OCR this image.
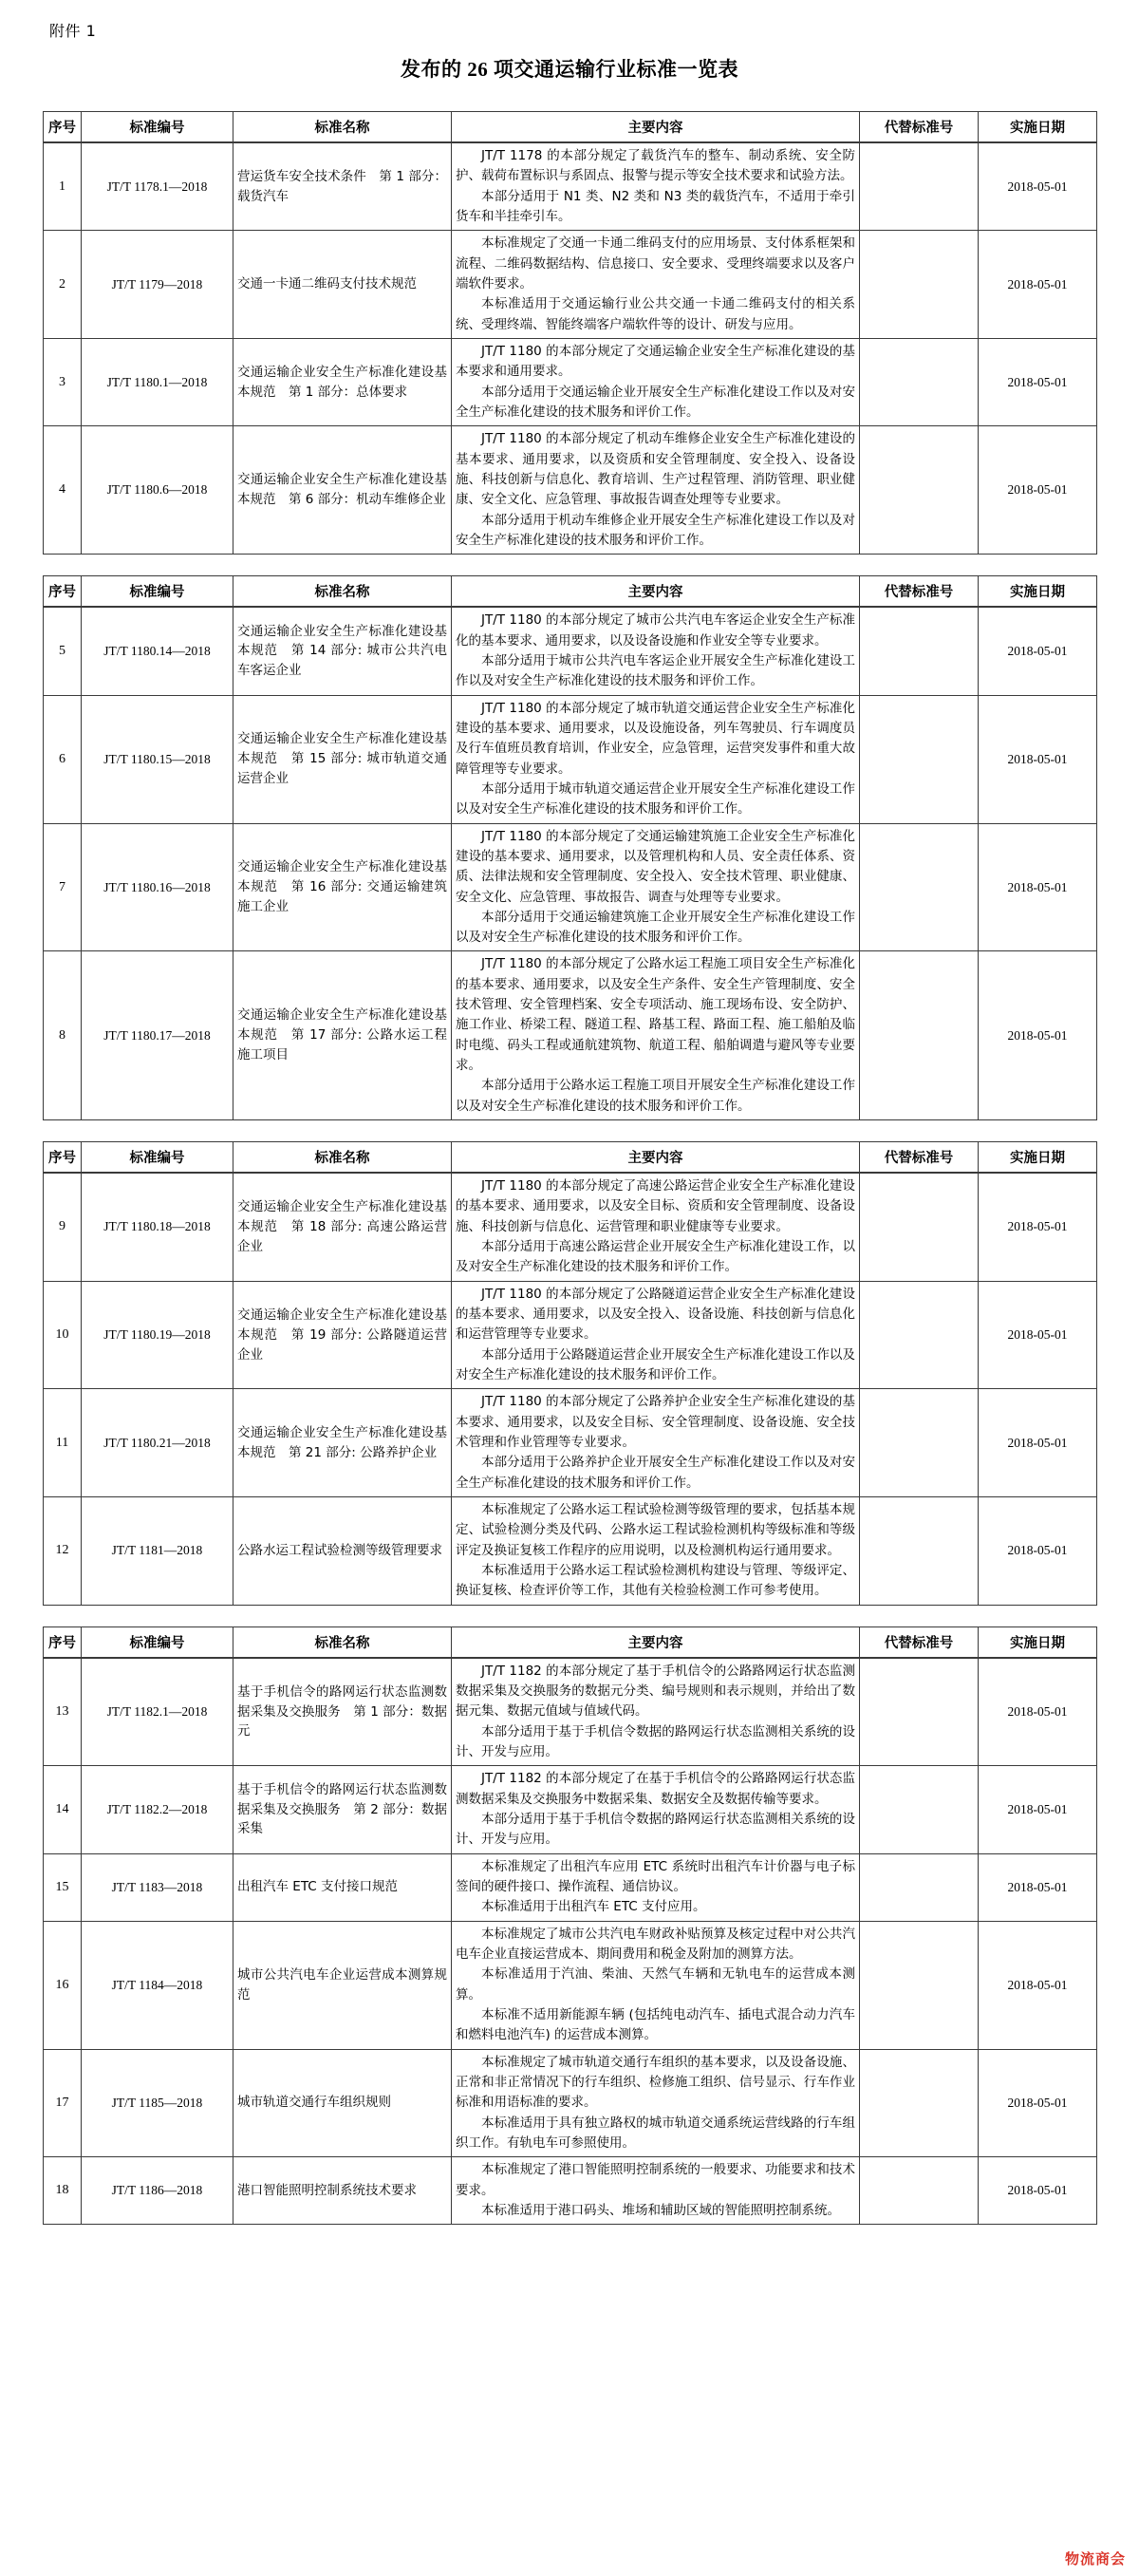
附件 1
发布的 26 项交通运输行业标准一览表
序号	标准编号	标准名称	主要内容	代替标准号	实施日期
1	JT/T 1178.1—2018	营运货车安全技术条件　第 1 部分：载货汽车	JT/T 1178 的本部分规定了载货汽车的整车、制动系统、安全防护、载荷布置标识与系固点、报警与提示等安全技术要求和试验方法。

本部分适用于 N1 类、N2 类和 N3 类的载货汽车，不适用于牵引货车和半挂牵引车。		2018-05-01
2	JT/T 1179—2018	交通一卡通二维码支付技术规范	本标准规定了交通一卡通二维码支付的应用场景、支付体系框架和流程、二维码数据结构、信息接口、安全要求、受理终端要求以及客户端软件要求。

本标准适用于交通运输行业公共交通一卡通二维码支付的相关系统、受理终端、智能终端客户端软件等的设计、研发与应用。		2018-05-01
3	JT/T 1180.1—2018	交通运输企业安全生产标准化建设基本规范　第 1 部分：总体要求	JT/T 1180 的本部分规定了交通运输企业安全生产标准化建设的基本要求和通用要求。

本部分适用于交通运输企业开展安全生产标准化建设工作以及对安全生产标准化建设的技术服务和评价工作。		2018-05-01
4	JT/T 1180.6—2018	交通运输企业安全生产标准化建设基本规范　第 6 部分：机动车维修企业	JT/T 1180 的本部分规定了机动车维修企业安全生产标准化建设的基本要求、通用要求，以及资质和安全管理制度、安全投入、设备设施、科技创新与信息化、教育培训、生产过程管理、消防管理、职业健康、安全文化、应急管理、事故报告调查处理等专业要求。

本部分适用于机动车维修企业开展安全生产标准化建设工作以及对安全生产标准化建设的技术服务和评价工作。		2018-05-01
序号	标准编号	标准名称	主要内容	代替标准号	实施日期
5	JT/T 1180.14—2018	交通运输企业安全生产标准化建设基本规范　第 14 部分: 城市公共汽电车客运企业	JT/T 1180 的本部分规定了城市公共汽电车客运企业安全生产标准化的基本要求、通用要求，以及设备设施和作业安全等专业要求。

本部分适用于城市公共汽电车客运企业开展安全生产标准化建设工作以及对安全生产标准化建设的技术服务和评价工作。		2018-05-01
6	JT/T 1180.15—2018	交通运输企业安全生产标准化建设基本规范　第 15 部分: 城市轨道交通运营企业	JT/T 1180 的本部分规定了城市轨道交通运营企业安全生产标准化建设的基本要求、通用要求，以及设施设备，列车驾驶员、行车调度员及行车值班员教育培训，作业安全，应急管理，运营突发事件和重大故障管理等专业要求。

本部分适用于城市轨道交通运营企业开展安全生产标准化建设工作以及对安全生产标准化建设的技术服务和评价工作。		2018-05-01
7	JT/T 1180.16—2018	交通运输企业安全生产标准化建设基本规范　第 16 部分: 交通运输建筑施工企业	JT/T 1180 的本部分规定了交通运输建筑施工企业安全生产标准化建设的基本要求、通用要求，以及管理机构和人员、安全责任体系、资质、法律法规和安全管理制度、安全投入、安全技术管理、职业健康、安全文化、应急管理、事故报告、调查与处理等专业要求。

本部分适用于交通运输建筑施工企业开展安全生产标准化建设工作以及对安全生产标准化建设的技术服务和评价工作。		2018-05-01
8	JT/T 1180.17—2018	交通运输企业安全生产标准化建设基本规范　第 17 部分: 公路水运工程施工项目	JT/T 1180 的本部分规定了公路水运工程施工项目安全生产标准化的基本要求、通用要求，以及安全生产条件、安全生产管理制度、安全技术管理、安全管理档案、安全专项活动、施工现场布设、安全防护、施工作业、桥梁工程、隧道工程、路基工程、路面工程、施工船舶及临时电缆、码头工程或通航建筑物、航道工程、船舶调遣与避风等专业要求。

本部分适用于公路水运工程施工项目开展安全生产标准化建设工作以及对安全生产标准化建设的技术服务和评价工作。		2018-05-01
序号	标准编号	标准名称	主要内容	代替标准号	实施日期
9	JT/T 1180.18—2018	交通运输企业安全生产标准化建设基本规范　第 18 部分: 高速公路运营企业	JT/T 1180 的本部分规定了高速公路运营企业安全生产标准化建设的基本要求、通用要求，以及安全目标、资质和安全管理制度、设备设施、科技创新与信息化、运营管理和职业健康等专业要求。

本部分适用于高速公路运营企业开展安全生产标准化建设工作，以及对安全生产标准化建设的技术服务和评价工作。		2018-05-01
10	JT/T 1180.19—2018	交通运输企业安全生产标准化建设基本规范　第 19 部分: 公路隧道运营企业	JT/T 1180 的本部分规定了公路隧道运营企业安全生产标准化建设的基本要求、通用要求，以及安全投入、设备设施、科技创新与信息化和运营管理等专业要求。

本部分适用于公路隧道运营企业开展安全生产标准化建设工作以及对安全生产标准化建设的技术服务和评价工作。		2018-05-01
11	JT/T 1180.21—2018	交通运输企业安全生产标准化建设基本规范　第 21 部分: 公路养护企业	JT/T 1180 的本部分规定了公路养护企业安全生产标准化建设的基本要求、通用要求，以及安全目标、安全管理制度、设备设施、安全技术管理和作业管理等专业要求。

本部分适用于公路养护企业开展安全生产标准化建设工作以及对安全生产标准化建设的技术服务和评价工作。		2018-05-01
12	JT/T 1181—2018	公路水运工程试验检测等级管理要求	本标准规定了公路水运工程试验检测等级管理的要求，包括基本规定、试验检测分类及代码、公路水运工程试验检测机构等级标准和等级评定及换证复核工作程序的应用说明，以及检测机构运行通用要求。

本标准适用于公路水运工程试验检测机构建设与管理、等级评定、换证复核、检查评价等工作，其他有关检验检测工作可参考使用。		2018-05-01
序号	标准编号	标准名称	主要内容	代替标准号	实施日期
13	JT/T 1182.1—2018	基于手机信令的路网运行状态监测数据采集及交换服务　第 1 部分：数据元	JT/T 1182 的本部分规定了基于手机信令的公路路网运行状态监测数据采集及交换服务的数据元分类、编号规则和表示规则，并给出了数据元集、数据元值域与值域代码。

本部分适用于基于手机信令数据的路网运行状态监测相关系统的设计、开发与应用。		2018-05-01
14	JT/T 1182.2—2018	基于手机信令的路网运行状态监测数据采集及交换服务　第 2 部分：数据采集	JT/T 1182 的本部分规定了在基于手机信令的公路路网运行状态监测数据采集及交换服务中数据采集、数据安全及数据传输等要求。

本部分适用于基于手机信令数据的路网运行状态监测相关系统的设计、开发与应用。		2018-05-01
15	JT/T 1183—2018	出租汽车 ETC 支付接口规范	本标准规定了出租汽车应用 ETC 系统时出租汽车计价器与电子标签间的硬件接口、操作流程、通信协议。

本标准适用于出租汽车 ETC 支付应用。		2018-05-01
16	JT/T 1184—2018	城市公共汽电车企业运营成本测算规范	本标准规定了城市公共汽电车财政补贴预算及核定过程中对公共汽电车企业直接运营成本、期间费用和税金及附加的测算方法。

本标准适用于汽油、柴油、天然气车辆和无轨电车的运营成本测算。

本标准不适用新能源车辆 (包括纯电动汽车、插电式混合动力汽车和燃料电池汽车) 的运营成本测算。		2018-05-01
17	JT/T 1185—2018	城市轨道交通行车组织规则	本标准规定了城市轨道交通行车组织的基本要求，以及设备设施、正常和非正常情况下的行车组织、检修施工组织、信号显示、行车作业标准和用语标准的要求。

本标准适用于具有独立路权的城市轨道交通系统运营线路的行车组织工作。有轨电车可参照使用。		2018-05-01
18	JT/T 1186—2018	港口智能照明控制系统技术要求	本标准规定了港口智能照明控制系统的一般要求、功能要求和技术要求。

本标准适用于港口码头、堆场和辅助区域的智能照明控制系统。		2018-05-01
物流商会
